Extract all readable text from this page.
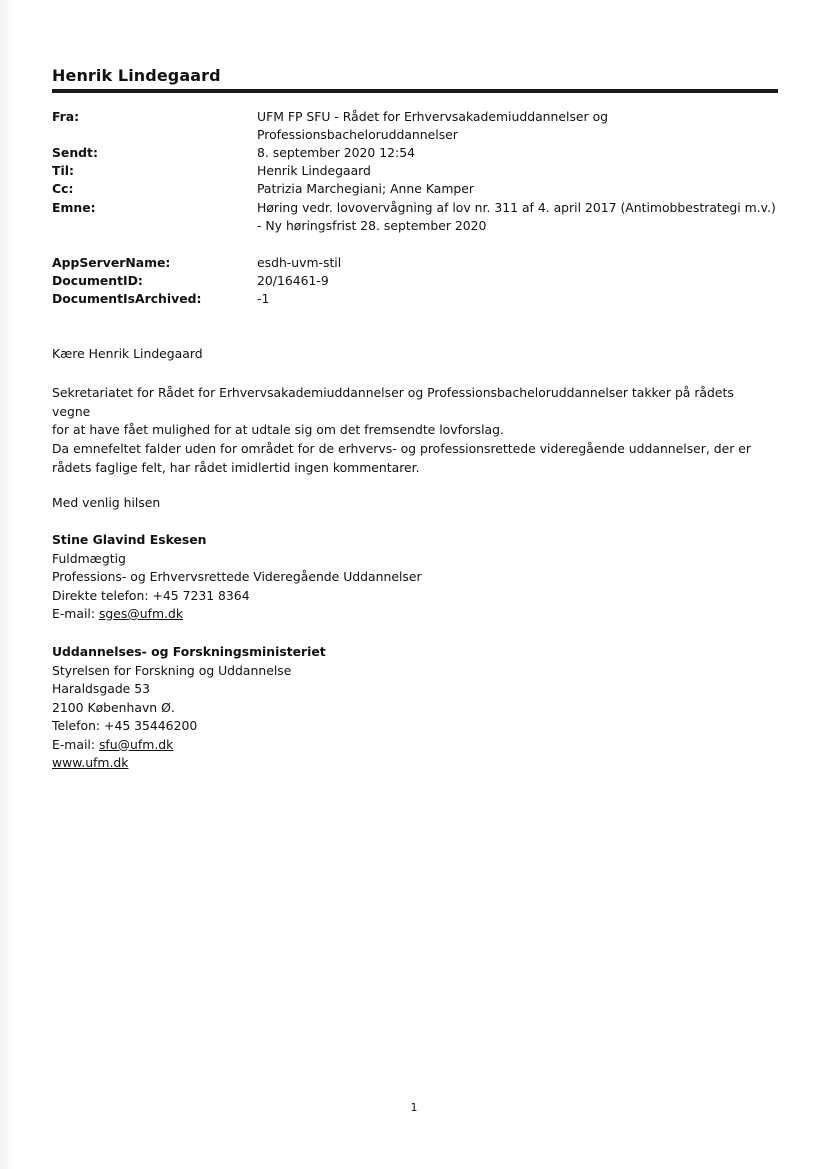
Henrik Lindegaard
Fra:	UFM FP SFU - Rådet for Erhvervsakademiuddannelser og
Professionsbacheloruddannelser
Sendt:	8. september 2020 12:54
Til:	Henrik Lindegaard
Cc:	Patrizia Marchegiani; Anne Kamper
Emne:	Høring vedr. lovovervågning af lov nr. 311 af 4. april 2017 (Antimobbestrategi m.v.)
- Ny høringsfrist 28. september 2020
AppServerName:	esdh-uvm-stil
DocumentID:	20/16461-9
DocumentIsArchived:	-1

Kære Henrik Lindegaard

Sekretariatet for Rådet for Erhvervsakademiuddannelser og Professionsbacheloruddannelser takker på rådets vegne

for at have fået mulighed for at udtale sig om det fremsendte lovforslag.

Da emnefeltet falder uden for området for de erhvervs- og professionsrettede videregående uddannelser, der er

rådets faglige felt, har rådet imidlertid ingen kommentarer.

Med venlig hilsen

Stine Glavind Eskesen

Fuldmægtig

Professions- og Erhvervsrettede Videregående Uddannelser

Direkte telefon: +45 7231 8364

E-mail: sges@ufm.dk

Uddannelses- og Forskningsministeriet

Styrelsen for Forskning og Uddannelse

Haraldsgade 53

2100 København Ø.

Telefon: +45 35446200

E-mail: sfu@ufm.dk

www.ufm.dk

1
